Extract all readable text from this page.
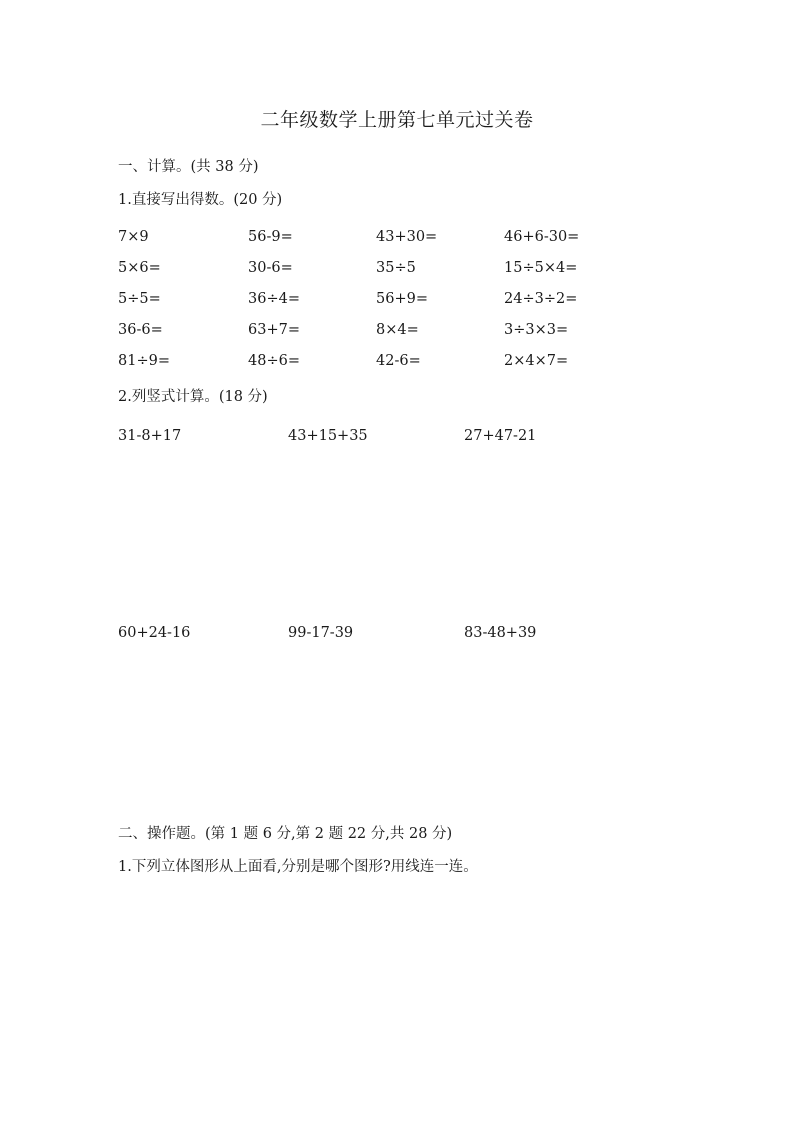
二年级数学上册第七单元过关卷
一、计算。(共 38 分)
1.直接写出得数。(20 分)
7×9	56-9=	43+30=	46+6-30=
5×6=	30-6=	35÷5	15÷5×4=
5÷5=	36÷4=	56+9=	24÷3÷2=
36-6=	63+7=	8×4=	3÷3×3=
81÷9=	48÷6=	42-6=	2×4×7=
2.列竖式计算。(18 分)
31-8+17	43+15+35	27+47-21
60+24-16	99-17-39	83-48+39
二、操作题。(第 1 题 6 分,第 2 题 22 分,共 28 分)
1.下列立体图形从上面看,分别是哪个图形?用线连一连。
